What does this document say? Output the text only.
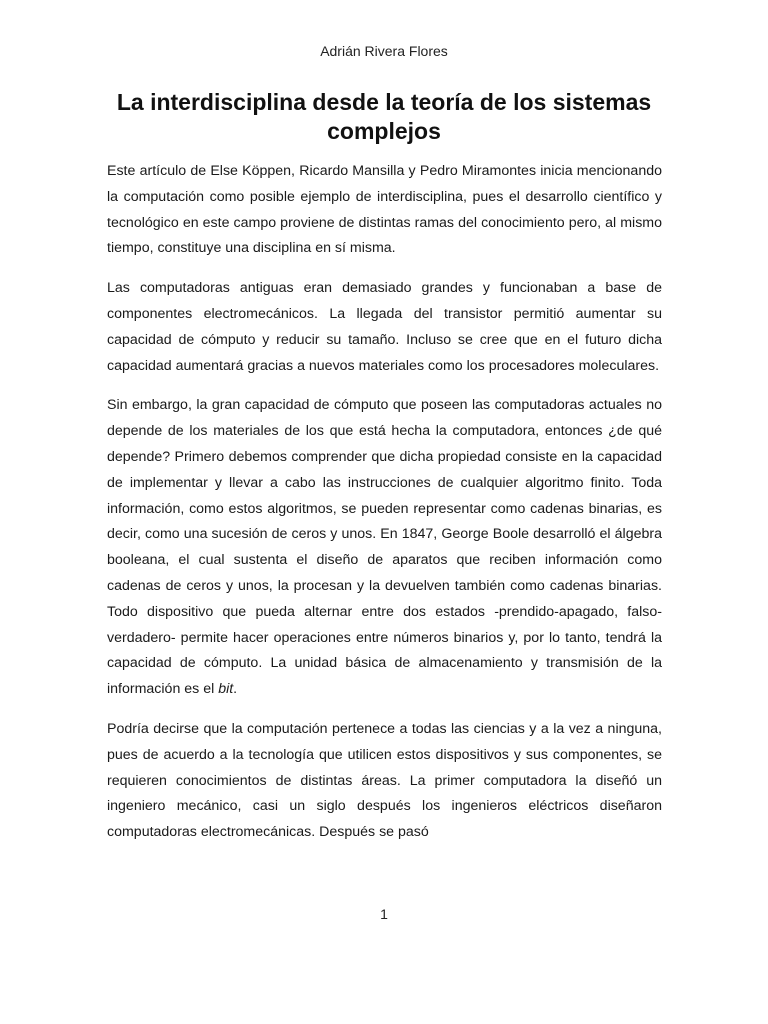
Adrián Rivera Flores
La interdisciplina desde la teoría de los sistemas complejos

Este artículo de Else Köppen, Ricardo Mansilla y Pedro Miramontes inicia mencionando la computación como posible ejemplo de interdisciplina, pues el desarrollo científico y tecnológico en este campo proviene de distintas ramas del conocimiento pero, al mismo tiempo, constituye una disciplina en sí misma.

Las computadoras antiguas eran demasiado grandes y funcionaban a base de componentes electromecánicos. La llegada del transistor permitió aumentar su capacidad de cómputo y reducir su tamaño. Incluso se cree que en el futuro dicha capacidad aumentará gracias a nuevos materiales como los procesadores moleculares.

Sin embargo, la gran capacidad de cómputo que poseen las computadoras actuales no depende de los materiales de los que está hecha la computadora, entonces ¿de qué depende? Primero debemos comprender que dicha propiedad consiste en la capacidad de implementar y llevar a cabo las instrucciones de cualquier algoritmo finito. Toda información, como estos algoritmos, se pueden representar como cadenas binarias, es decir, como una sucesión de ceros y unos. En 1847, George Boole desarrolló el álgebra booleana, el cual sustenta el diseño de aparatos que reciben información como cadenas de ceros y unos, la procesan y la devuelven también como cadenas binarias. Todo dispositivo que pueda alternar entre dos estados -prendido-apagado, falso-verdadero- permite hacer operaciones entre números binarios y, por lo tanto, tendrá la capacidad de cómputo. La unidad básica de almacenamiento y transmisión de la información es el bit.

Podría decirse que la computación pertenece a todas las ciencias y a la vez a ninguna, pues de acuerdo a la tecnología que utilicen estos dispositivos y sus componentes, se requieren conocimientos de distintas áreas. La primer computadora la diseñó un ingeniero mecánico, casi un siglo después los ingenieros eléctricos diseñaron computadoras electromecánicas. Después se pasó

1
